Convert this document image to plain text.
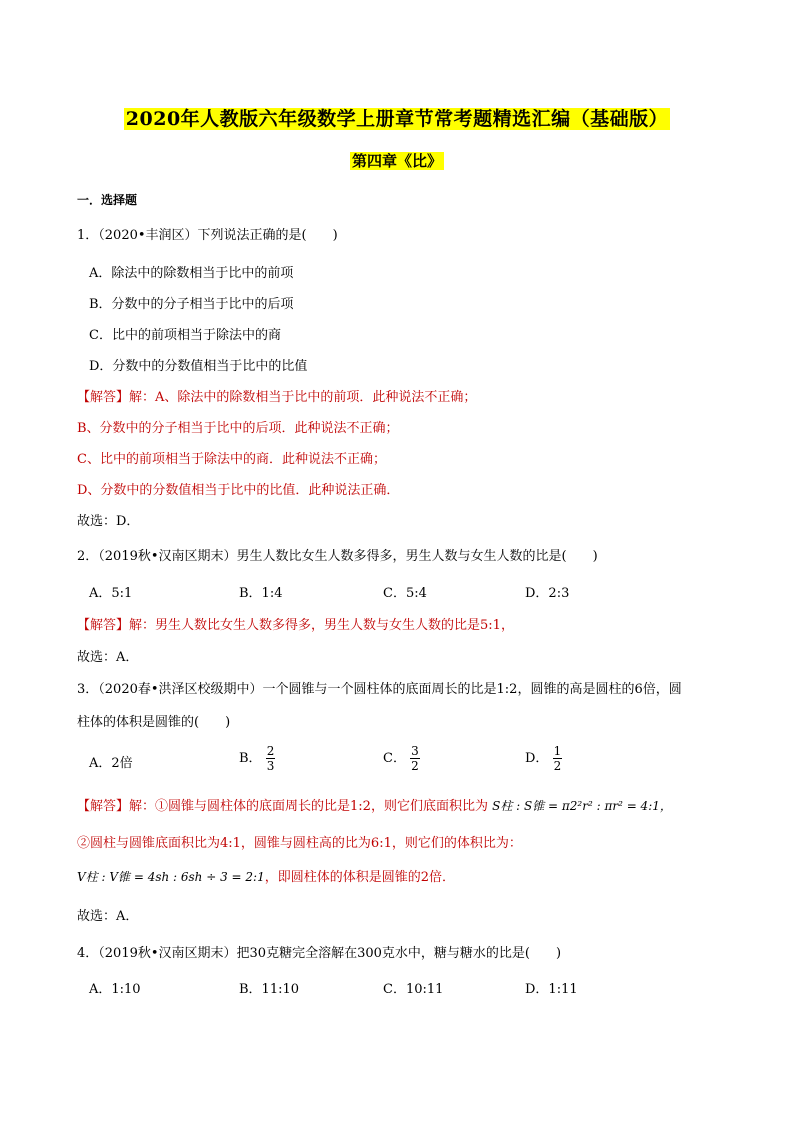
2020年人教版六年级数学上册章节常考题精选汇编（基础版）
第四章《比》
一．选择题
1．（2020•丰润区）下列说法正确的是(　　)
A．除法中的除数相当于比中的前项
B．分数中的分子相当于比中的后项
C．比中的前项相当于除法中的商
D．分数中的分数值相当于比中的比值
【解答】解：A、除法中的除数相当于比中的前项．此种说法不正确；
B、分数中的分子相当于比中的后项．此种说法不正确；
C、比中的前项相当于除法中的商．此种说法不正确；
D、分数中的分数值相当于比中的比值．此种说法正确．
故选：D．
2．（2019秋•汉南区期末）男生人数比女生人数多得多，男生人数与女生人数的比是(　　)
A．5:1	B．1:4	C．5:4	D．2:3
【解答】解：男生人数比女生人数多得多，男生人数与女生人数的比是5:1，
故选：A．
3．（2020春•洪泽区校级期中）一个圆锥与一个圆柱体的底面周长的比是1:2，圆锥的高是圆柱的6倍，圆
柱体的体积是圆锥的(　　)
A．2倍	B． $\frac{2}{3}$	C． $\frac{3}{2}$	D． $\frac{1}{2}$
【解答】解：①圆锥与圆柱体的底面周长的比是1:2，则它们底面积比为 S柱 : S锥 = π2²r² : πr² = 4:1，
②圆柱与圆锥底面积比为4:1，圆锥与圆柱高的比为6:1，则它们的体积比为：
V柱 : V锥 = 4sh : 6sh ÷ 3 = 2:1，即圆柱体的体积是圆锥的2倍．
故选：A．
4．（2019秋•汉南区期末）把30克糖完全溶解在300克水中，糖与糖水的比是(　　)
A．1:10	B．11:10	C．10:11	D．1:11
